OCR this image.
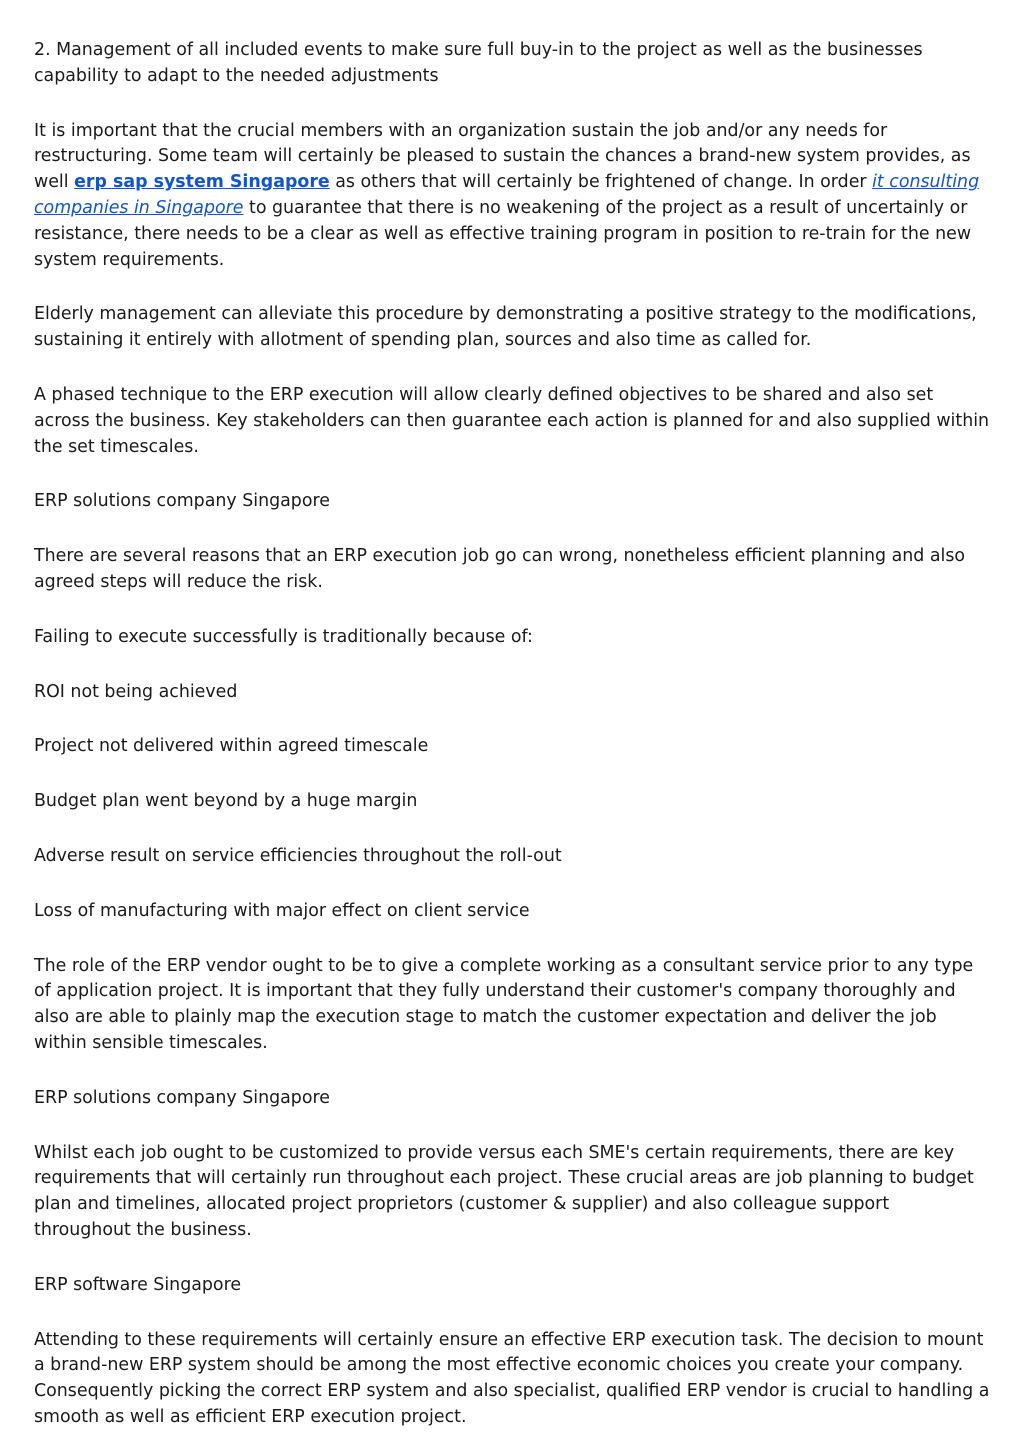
2. Management of all included events to make sure full buy-in to the project as well as the businesses capability to adapt to the needed adjustments

It is important that the crucial members with an organization sustain the job and/or any needs for restructuring. Some team will certainly be pleased to sustain the chances a brand-new system provides, as well erp sap system Singapore as others that will certainly be frightened of change. In order it consulting companies in Singapore to guarantee that there is no weakening of the project as a result of uncertainly or resistance, there needs to be a clear as well as effective training program in position to re-train for the new system requirements.

Elderly management can alleviate this procedure by demonstrating a positive strategy to the modifications, sustaining it entirely with allotment of spending plan, sources and also time as called for.

A phased technique to the ERP execution will allow clearly defined objectives to be shared and also set across the business. Key stakeholders can then guarantee each action is planned for and also supplied within the set timescales.

ERP solutions company Singapore

There are several reasons that an ERP execution job go can wrong, nonetheless efficient planning and also agreed steps will reduce the risk.

Failing to execute successfully is traditionally because of:

ROI not being achieved

Project not delivered within agreed timescale

Budget plan went beyond by a huge margin

Adverse result on service efficiencies throughout the roll-out

Loss of manufacturing with major effect on client service

The role of the ERP vendor ought to be to give a complete working as a consultant service prior to any type of application project. It is important that they fully understand their customer's company thoroughly and also are able to plainly map the execution stage to match the customer expectation and deliver the job within sensible timescales.

ERP solutions company Singapore

Whilst each job ought to be customized to provide versus each SME's certain requirements, there are key requirements that will certainly run throughout each project. These crucial areas are job planning to budget plan and timelines, allocated project proprietors (customer & supplier) and also colleague support throughout the business.

ERP software Singapore

Attending to these requirements will certainly ensure an effective ERP execution task. The decision to mount a brand-new ERP system should be among the most effective economic choices you create your company. Consequently picking the correct ERP system and also specialist, qualified ERP vendor is crucial to handling a smooth as well as efficient ERP execution project.
